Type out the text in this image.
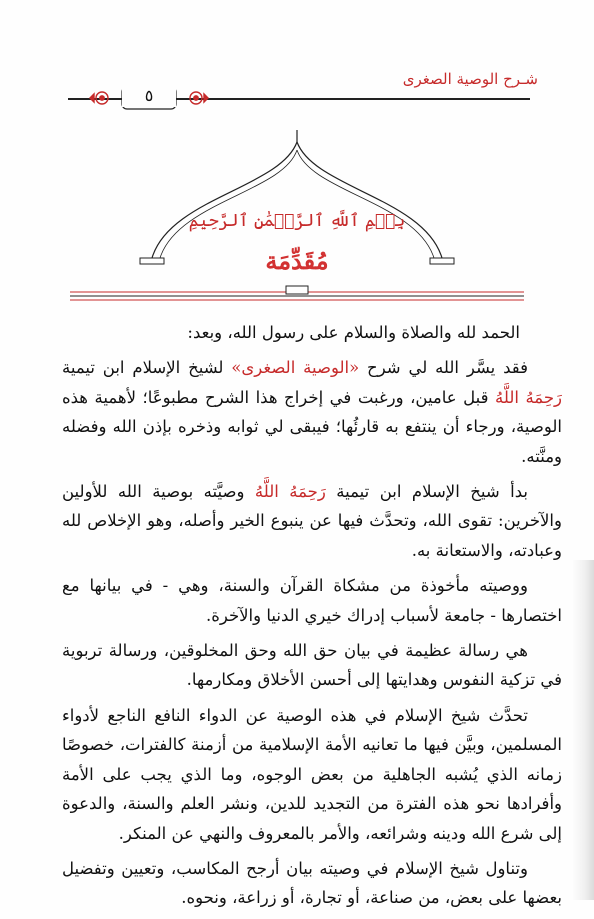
شـرح الوصية الصغرى
٥
بِسۡمِ ٱللَّهِ ٱلرَّحۡمَٰنِ ٱلرَّحِيمِ
مُقَدِّمَة

الحمد لله والصلاة والسلام على رسول الله، وبعد:

فقد يسَّر الله لي شرح «الوصية الصغرى» لشيخ الإسلام ابن تيمية رَحِمَهُ اللَّهُ قبل عامين، ورغبت في إخراج هذا الشرح مطبوعًا؛ لأهمية هذه الوصية، ورجاء أن ينتفع به قارئُها؛ فيبقى لي ثوابه وذخره بإذن الله وفضله ومنَّته.

بدأ شيخ الإسلام ابن تيمية رَحِمَهُ اللَّهُ وصيَّته بوصية الله للأولين والآخرين: تقوى الله، وتحدَّث فيها عن ينبوع الخير وأصله، وهو الإخلاص لله وعبادته، والاستعانة به.

ووصيته مأخوذة من مشكاة القرآن والسنة، وهي - في بيانها مع اختصارها - جامعة لأسباب إدراك خيري الدنيا والآخرة.

هي رسالة عظيمة في بيان حق الله وحق المخلوقين، ورسالة تربوية في تزكية النفوس وهدايتها إلى أحسن الأخلاق ومكارمها.

تحدَّث شيخ الإسلام في هذه الوصية عن الدواء النافع الناجع لأدواء المسلمين، وبيَّن فيها ما تعانيه الأمة الإسلامية من أزمنة كالفترات، خصوصًا زمانه الذي يُشبه الجاهلية من بعض الوجوه، وما الذي يجب على الأمة وأفرادها نحو هذه الفترة من التجديد للدين، ونشر العلم والسنة، والدعوة إلى شرع الله ودينه وشرائعه، والأمر بالمعروف والنهي عن المنكر.

وتناول شيخ الإسلام في وصيته بيان أرجح المكاسب، وتعيين وتفضيل بعضها على بعض، من صناعة، أو تجارة، أو زراعة، ونحوه.
